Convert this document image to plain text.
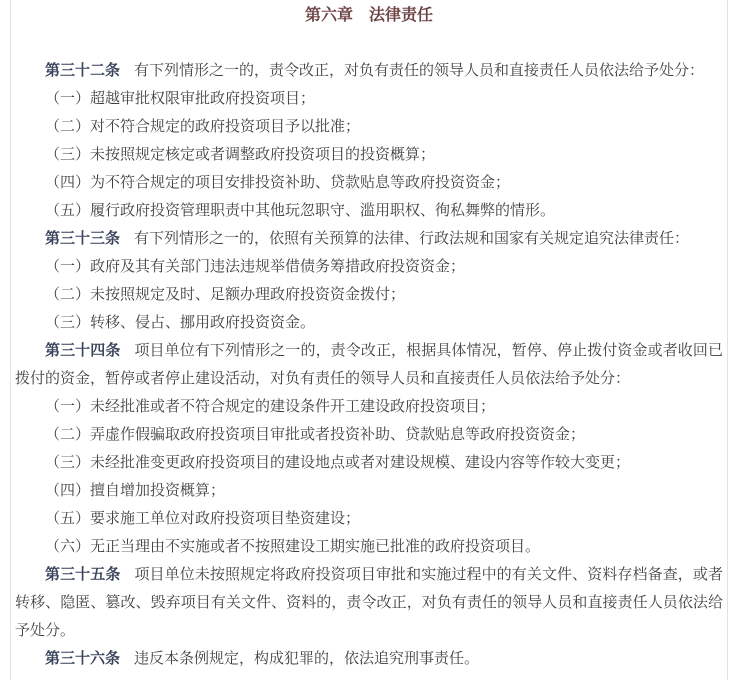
第六章　法律责任

第三十二条 有下列情形之一的，责令改正，对负有责任的领导人员和直接责任人员依法给予处分：

（一）超越审批权限审批政府投资项目；

（二）对不符合规定的政府投资项目予以批准；

（三）未按照规定核定或者调整政府投资项目的投资概算；

（四）为不符合规定的项目安排投资补助、贷款贴息等政府投资资金；

（五）履行政府投资管理职责中其他玩忽职守、滥用职权、徇私舞弊的情形。

第三十三条 有下列情形之一的，依照有关预算的法律、行政法规和国家有关规定追究法律责任：

（一）政府及其有关部门违法违规举借债务筹措政府投资资金；

（二）未按照规定及时、足额办理政府投资资金拨付；

（三）转移、侵占、挪用政府投资资金。

第三十四条 项目单位有下列情形之一的，责令改正，根据具体情况，暂停、停止拨付资金或者收回已拨付的资金，暂停或者停止建设活动，对负有责任的领导人员和直接责任人员依法给予处分：

（一）未经批准或者不符合规定的建设条件开工建设政府投资项目；

（二）弄虚作假骗取政府投资项目审批或者投资补助、贷款贴息等政府投资资金；

（三）未经批准变更政府投资项目的建设地点或者对建设规模、建设内容等作较大变更；

（四）擅自增加投资概算；

（五）要求施工单位对政府投资项目垫资建设；

（六）无正当理由不实施或者不按照建设工期实施已批准的政府投资项目。

第三十五条 项目单位未按照规定将政府投资项目审批和实施过程中的有关文件、资料存档备查，或者转移、隐匿、篡改、毁弃项目有关文件、资料的，责令改正，对负有责任的领导人员和直接责任人员依法给予处分。

第三十六条 违反本条例规定，构成犯罪的，依法追究刑事责任。
